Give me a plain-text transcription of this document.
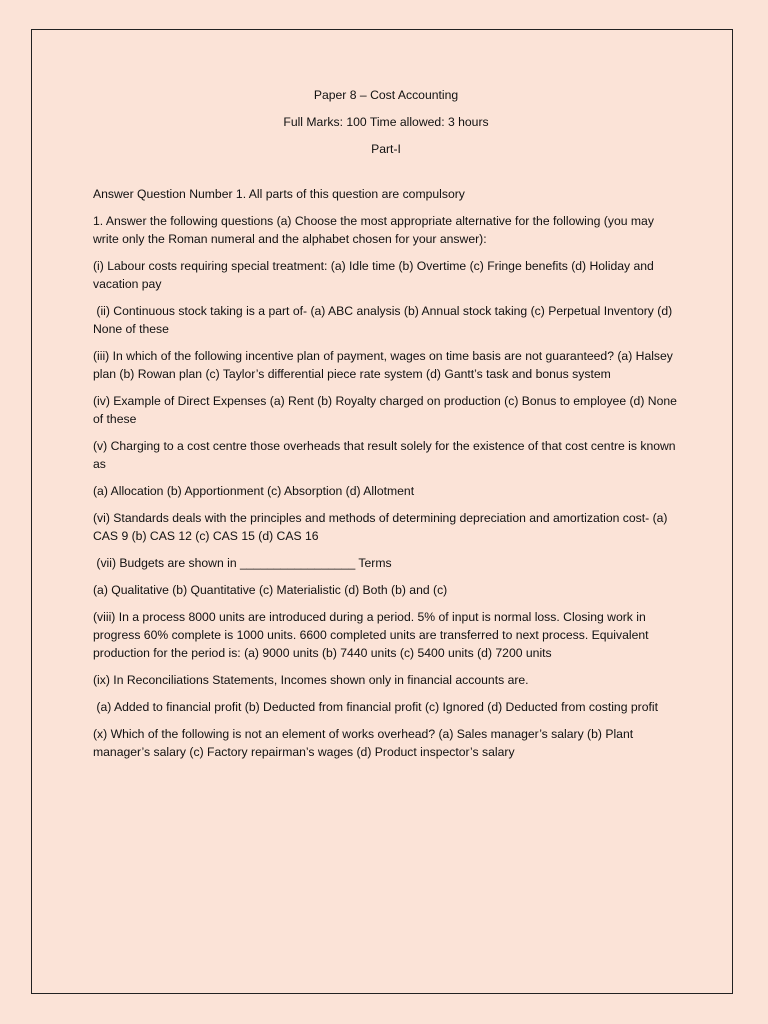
Paper 8 – Cost Accounting

Full Marks: 100 Time allowed: 3 hours

Part-I

Answer Question Number 1. All parts of this question are compulsory

1. Answer the following questions (a) Choose the most appropriate alternative for the following (you may write only the Roman numeral and the alphabet chosen for your answer):

(i) Labour costs requiring special treatment: (a) Idle time (b) Overtime (c) Fringe benefits (d) Holiday and vacation pay

(ii) Continuous stock taking is a part of- (a) ABC analysis (b) Annual stock taking (c) Perpetual Inventory (d) None of these

(iii) In which of the following incentive plan of payment, wages on time basis are not guaranteed? (a) Halsey plan (b) Rowan plan (c) Taylor’s differential piece rate system (d) Gantt’s task and bonus system

(iv) Example of Direct Expenses (a) Rent (b) Royalty charged on production (c) Bonus to employee (d) None of these

(v) Charging to a cost centre those overheads that result solely for the existence of that cost centre is known as

(a) Allocation (b) Apportionment (c) Absorption (d) Allotment

(vi) Standards deals with the principles and methods of determining depreciation and amortization cost- (a) CAS 9 (b) CAS 12 (c) CAS 15 (d) CAS 16

(vii) Budgets are shown in _________________ Terms

(a) Qualitative (b) Quantitative (c) Materialistic (d) Both (b) and (c)

(viii) In a process 8000 units are introduced during a period. 5% of input is normal loss. Closing work in progress 60% complete is 1000 units. 6600 completed units are transferred to next process. Equivalent production for the period is: (a) 9000 units (b) 7440 units (c) 5400 units (d) 7200 units

(ix) In Reconciliations Statements, Incomes shown only in financial accounts are.

(a) Added to financial profit (b) Deducted from financial profit (c) Ignored (d) Deducted from costing profit

(x) Which of the following is not an element of works overhead? (a) Sales manager’s salary (b) Plant manager’s salary (c) Factory repairman’s wages (d) Product inspector’s salary
